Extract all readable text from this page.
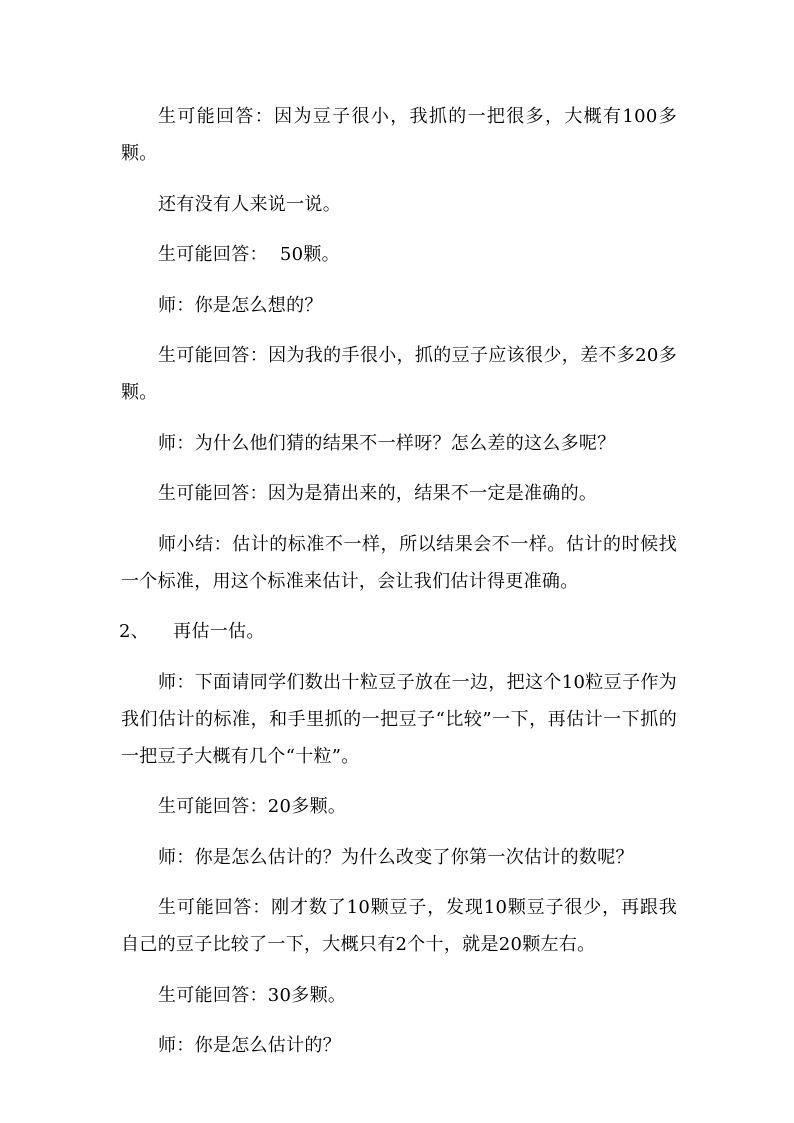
生可能回答：因为豆子很小，我抓的一把很多，大概有100多颗。

还有没有人来说一说。

生可能回答：  50颗。

师：你是怎么想的？

生可能回答：因为我的手很小，抓的豆子应该很少，差不多20多颗。

师：为什么他们猜的结果不一样呀？怎么差的这么多呢？

生可能回答：因为是猜出来的，结果不一定是准确的。

师小结：估计的标准不一样，所以结果会不一样。估计的时候找一个标准，用这个标准来估计，会让我们估计得更准确。

2、    再估一估。

师：下面请同学们数出十粒豆子放在一边，把这个10粒豆子作为我们估计的标准，和手里抓的一把豆子“比较”一下，再估计一下抓的一把豆子大概有几个“十粒”。

生可能回答：20多颗。

师：你是怎么估计的？为什么改变了你第一次估计的数呢？

生可能回答：刚才数了10颗豆子，发现10颗豆子很少，再跟我自己的豆子比较了一下，大概只有2个十，就是20颗左右。

生可能回答：30多颗。

师：你是怎么估计的？
